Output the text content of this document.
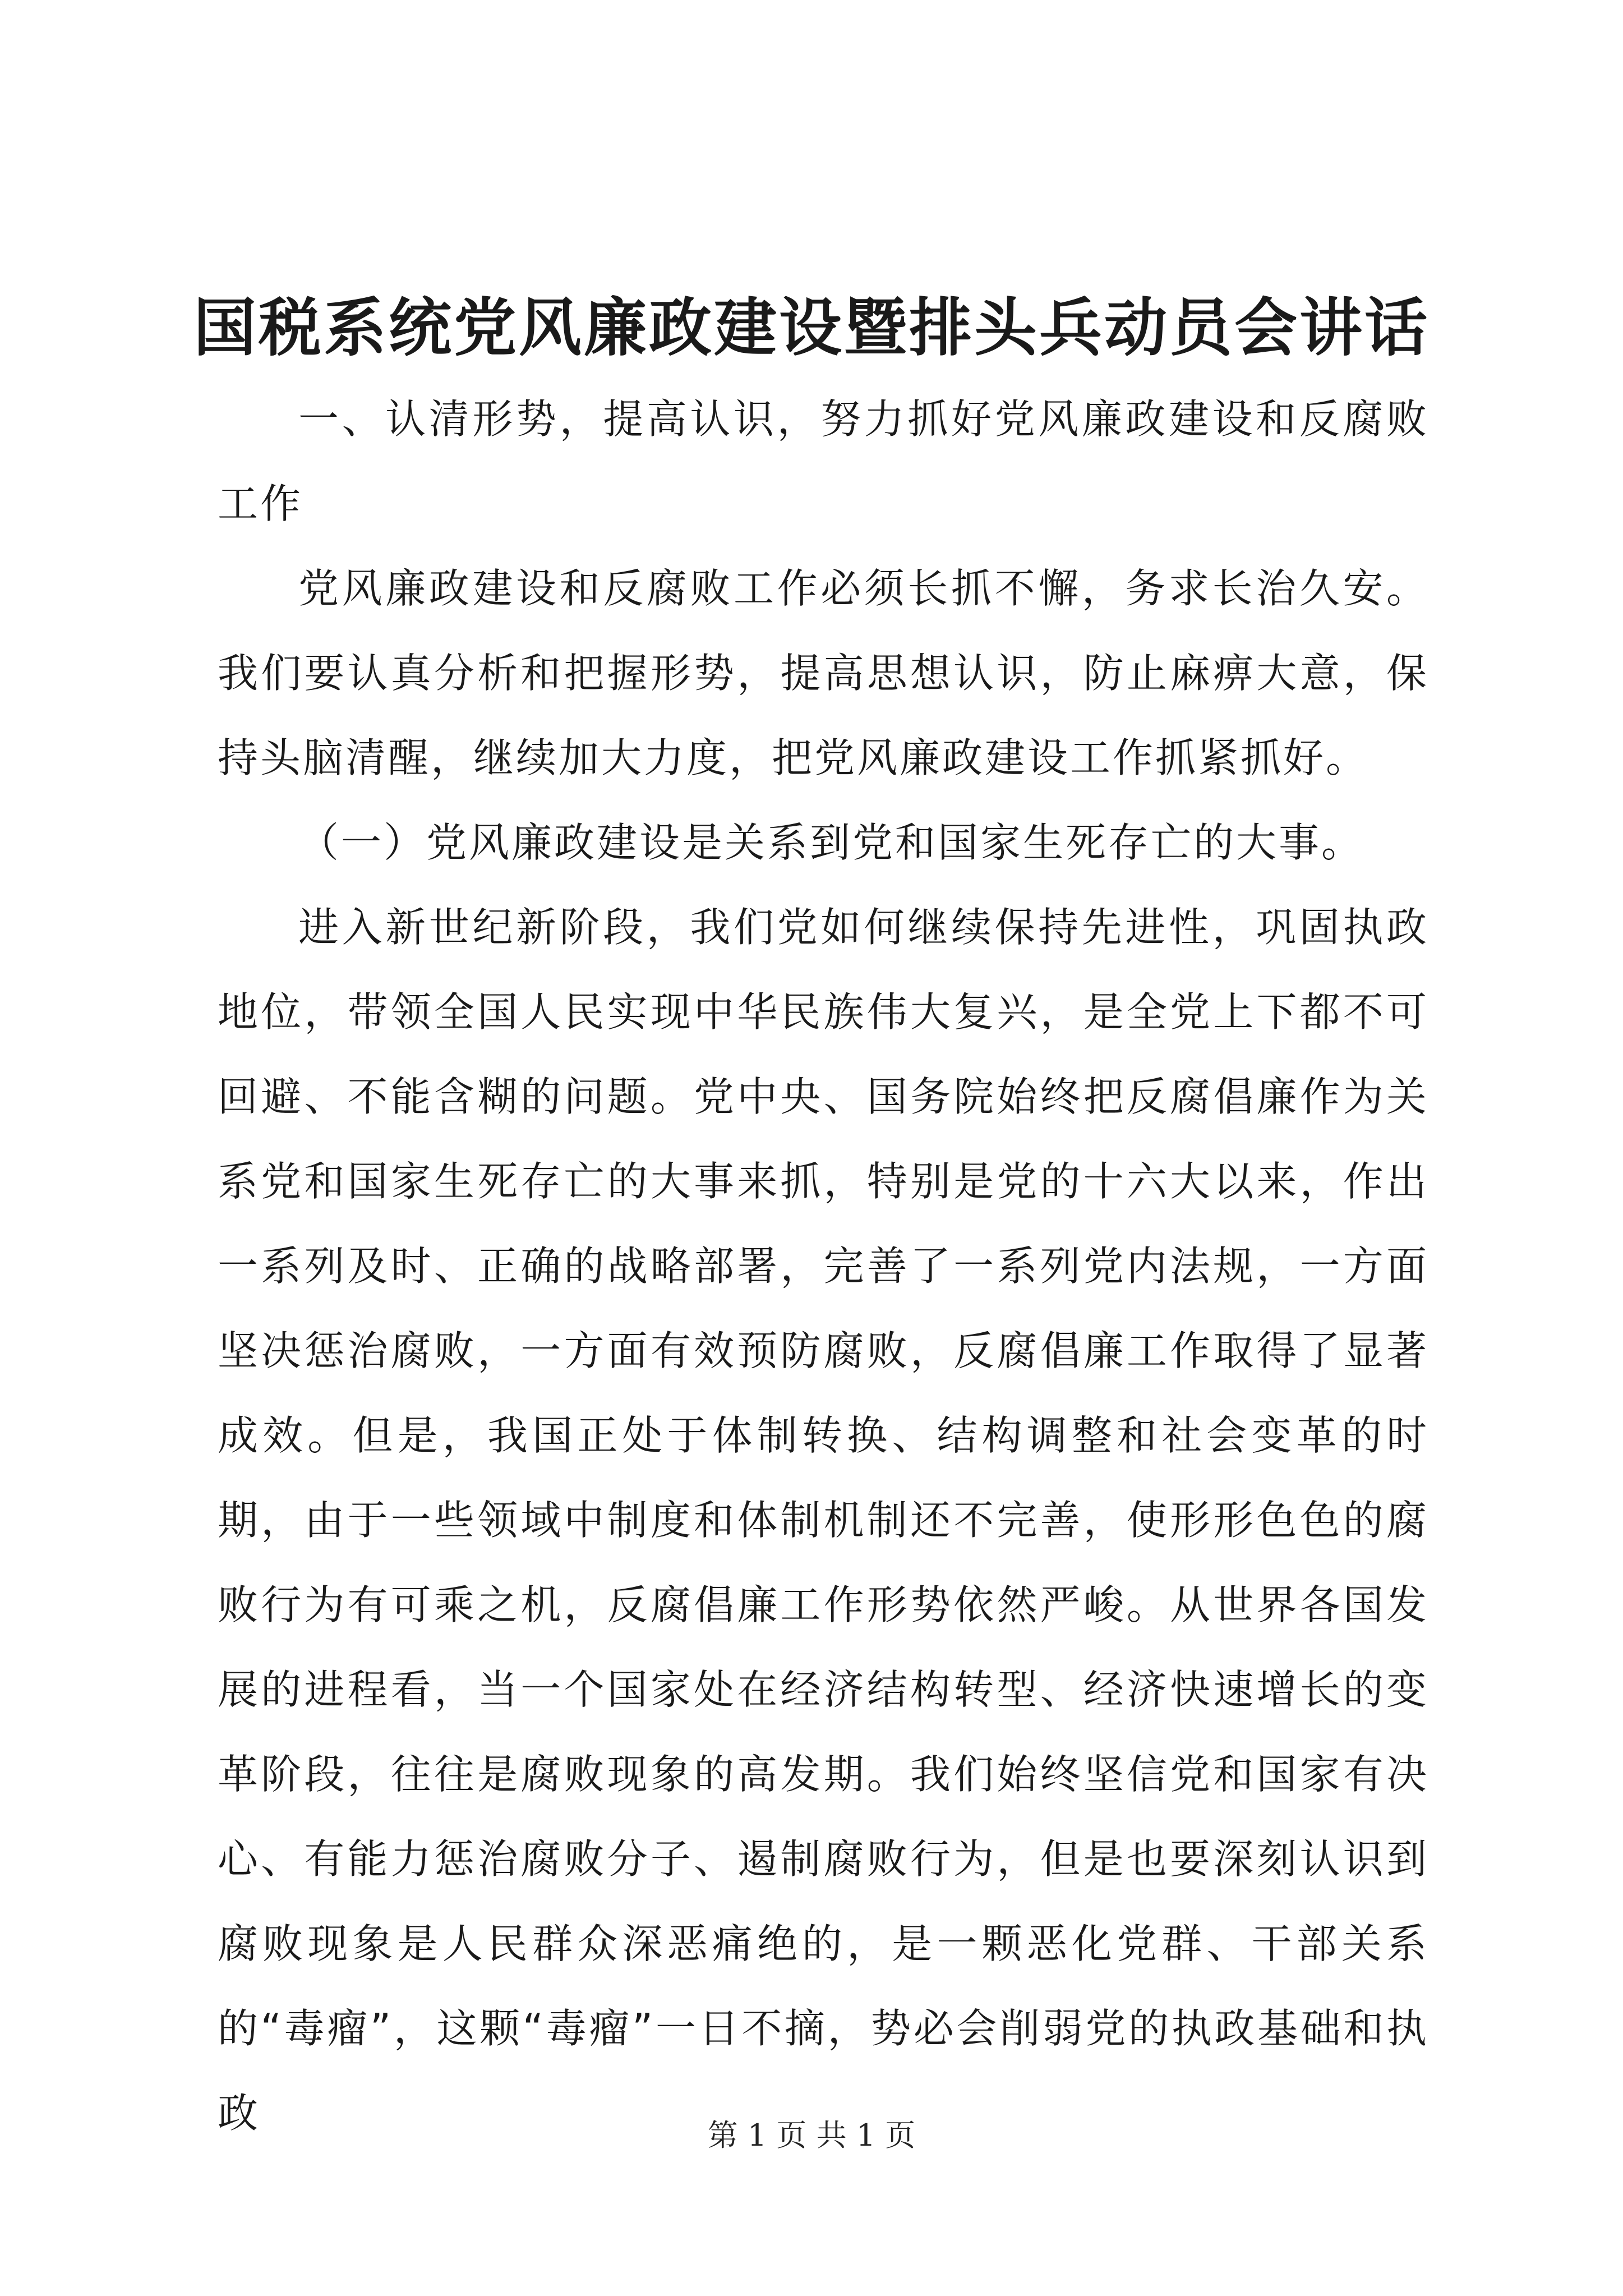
国税系统党风廉政建设暨排头兵动员会讲话

一、认清形势，提高认识，努力抓好党风廉政建设和反腐败工作

党风廉政建设和反腐败工作必须长抓不懈，务求长治久安。我们要认真分析和把握形势，提高思想认识，防止麻痹大意，保持头脑清醒，继续加大力度，把党风廉政建设工作抓紧抓好。

（一）党风廉政建设是关系到党和国家生死存亡的大事。

进入新世纪新阶段，我们党如何继续保持先进性，巩固执政地位，带领全国人民实现中华民族伟大复兴，是全党上下都不可回避、不能含糊的问题。党中央、国务院始终把反腐倡廉作为关系党和国家生死存亡的大事来抓，特别是党的十六大以来，作出一系列及时、正确的战略部署，完善了一系列党内法规，一方面坚决惩治腐败，一方面有效预防腐败，反腐倡廉工作取得了显著成效。但是，我国正处于体制转换、结构调整和社会变革的时期，由于一些领域中制度和体制机制还不完善，使形形色色的腐败行为有可乘之机，反腐倡廉工作形势依然严峻。从世界各国发展的进程看，当一个国家处在经济结构转型、经济快速增长的变革阶段，往往是腐败现象的高发期。我们始终坚信党和国家有决心、有能力惩治腐败分子、遏制腐败行为，但是也要深刻认识到腐败现象是人民群众深恶痛绝的，是一颗恶化党群、干部关系的“毒瘤”，这颗“毒瘤”一日不摘，势必会削弱党的执政基础和执政	第 1 页 共 1 页
